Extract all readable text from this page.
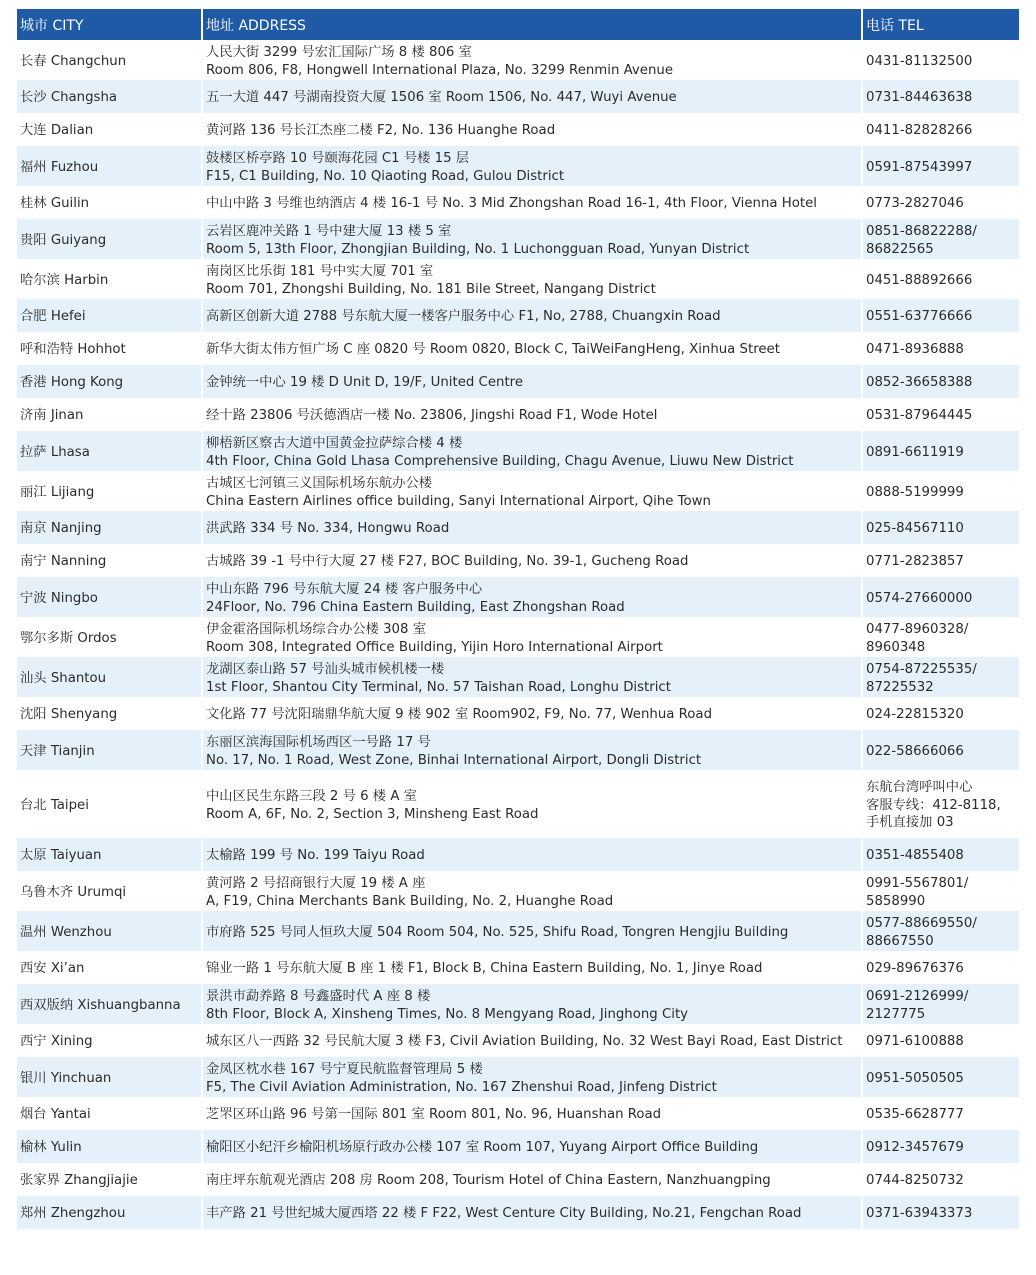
城市 CITY	地址 ADDRESS	电话 TEL
长春 Changchun	人民大街 3299 号宏汇国际广场 8 楼 806 室
Room 806, F8, Hongwell International Plaza, No. 3299 Renmin Avenue	0431-81132500

长沙 Changsha	五一大道 447 号湖南投资大厦 1506 室 Room 1506, No. 447, Wuyi Avenue	0731-84463638

大连 Dalian	黄河路 136 号长江杰座二楼 F2, No. 136 Huanghe Road	0411-82828266

福州 Fuzhou	鼓楼区桥亭路 10 号颐海花园 C1 号楼 15 层
F15, C1 Building, No. 10 Qiaoting Road, Gulou District	0591-87543997

桂林 Guilin	中山中路 3 号维也纳酒店 4 楼 16-1 号 No. 3 Mid Zhongshan Road 16-1, 4th Floor, Vienna Hotel	0773-2827046

贵阳 Guiyang	云岩区鹿冲关路 1 号中建大厦 13 楼 5 室
Room 5, 13th Floor, Zhongjian Building, No. 1 Luchongguan Road, Yunyan District	0851-86822288/
86822565

哈尔滨 Harbin	南岗区比乐街 181 号中实大厦 701 室
Room 701, Zhongshi Building, No. 181 Bile Street, Nangang District	0451-88892666

合肥 Hefei	高新区创新大道 2788 号东航大厦一楼客户服务中心 F1, No, 2788, Chuangxin Road	0551-63776666

呼和浩特 Hohhot	新华大街太伟方恒广场 C 座 0820 号 Room 0820, Block C, TaiWeiFangHeng, Xinhua Street	0471-8936888

香港 Hong Kong	金钟统一中心 19 楼 D Unit D, 19/F, United Centre	0852-36658388

济南 Jinan	经十路 23806 号沃德酒店一楼 No. 23806, Jingshi Road F1, Wode Hotel	0531-87964445

拉萨 Lhasa	柳梧新区察古大道中国黄金拉萨综合楼 4 楼
4th Floor, China Gold Lhasa Comprehensive Building, Chagu Avenue, Liuwu New District	0891-6611919

丽江 Lijiang	古城区七河镇三义国际机场东航办公楼
China Eastern Airlines office building, Sanyi International Airport, Qihe Town	0888-5199999

南京 Nanjing	洪武路 334 号 No. 334, Hongwu Road	025-84567110

南宁 Nanning	古城路 39 -1 号中行大厦 27 楼 F27, BOC Building, No. 39-1, Gucheng Road	0771-2823857

宁波 Ningbo	中山东路 796 号东航大厦 24 楼 客户服务中心
24Floor, No. 796 China Eastern Building, East Zhongshan Road	0574-27660000

鄂尔多斯 Ordos	伊金霍洛国际机场综合办公楼 308 室
Room 308, Integrated Office Building, Yijin Horo International Airport	0477-8960328/
8960348

汕头 Shantou	龙湖区泰山路 57 号汕头城市候机楼一楼
1st Floor, Shantou City Terminal, No. 57 Taishan Road, Longhu District	0754-87225535/
87225532

沈阳 Shenyang	文化路 77 号沈阳瑞鼎华航大厦 9 楼 902 室 Room902, F9, No. 77, Wenhua Road	024-22815320

天津 Tianjin	东丽区滨海国际机场西区一号路 17 号
No. 17, No. 1 Road, West Zone, Binhai International Airport, Dongli District	022-58666066

台北 Taipei	中山区民生东路三段 2 号 6 楼 A 室
Room A, 6F, No. 2, Section 3, Minsheng East Road	东航台湾呼叫中心
客服专线：412-8118,
手机直接加 03

太原 Taiyuan	太榆路 199 号 No. 199 Taiyu Road	0351-4855408

乌鲁木齐 Urumqi	黄河路 2 号招商银行大厦 19 楼 A 座
A, F19, China Merchants Bank Building, No. 2, Huanghe Road	0991-5567801/
5858990

温州 Wenzhou	市府路 525 号同人恒玖大厦 504 Room 504, No. 525, Shifu Road, Tongren Hengjiu Building	0577-88669550/
88667550

西安 Xi’an	锦业一路 1 号东航大厦 B 座 1 楼 F1, Block B, China Eastern Building, No. 1, Jinye Road	029-89676376

西双版纳 Xishuangbanna	景洪市勐养路 8 号鑫盛时代 A 座 8 楼
8th Floor, Block A, Xinsheng Times, No. 8 Mengyang Road, Jinghong City	0691-2126999/
2127775

西宁 Xining	城东区八一西路 32 号民航大厦 3 楼 F3, Civil Aviation Building, No. 32 West Bayi Road, East District	0971-6100888

银川 Yinchuan	金凤区枕水巷 167 号宁夏民航监督管理局 5 楼
F5, The Civil Aviation Administration, No. 167 Zhenshui Road, Jinfeng District	0951-5050505

烟台 Yantai	芝罘区环山路 96 号第一国际 801 室 Room 801, No. 96, Huanshan Road	0535-6628777

榆林 Yulin	榆阳区小纪汗乡榆阳机场原行政办公楼 107 室 Room 107, Yuyang Airport Office Building	0912-3457679

张家界 Zhangjiajie	南庄坪东航观光酒店 208 房 Room 208, Tourism Hotel of China Eastern, Nanzhuangping	0744-8250732

郑州 Zhengzhou	丰产路 21 号世纪城大厦西塔 22 楼 F F22, West Centure City Building, No.21, Fengchan Road	0371-63943373
